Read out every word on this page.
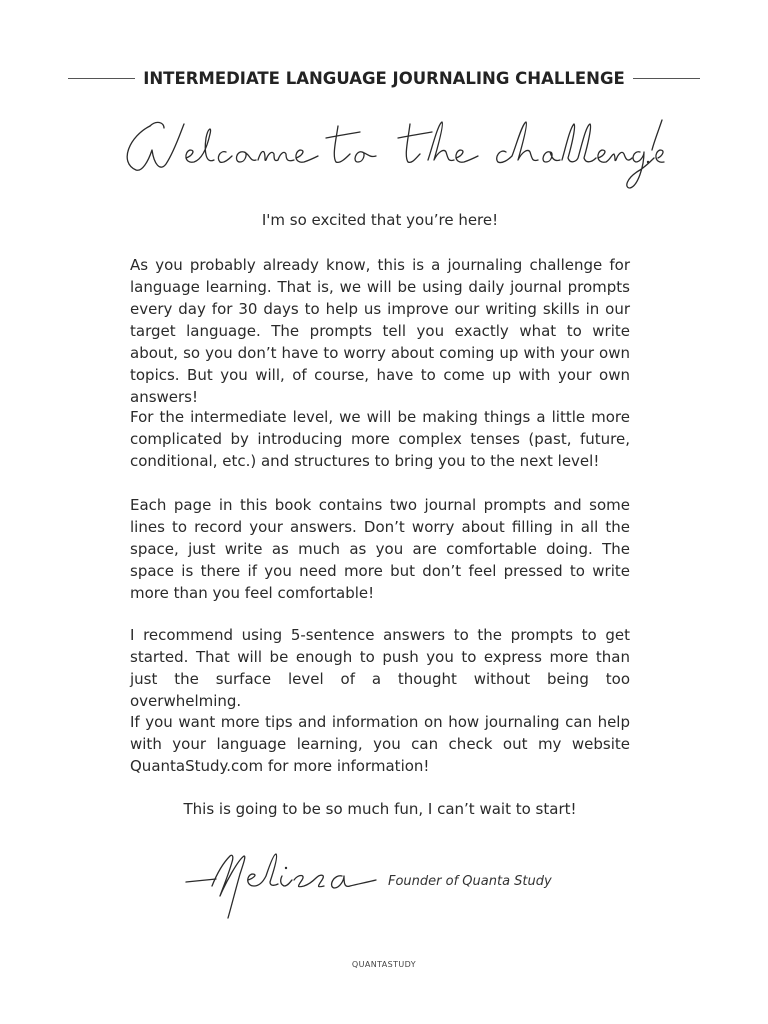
INTERMEDIATE LANGUAGE JOURNALING CHALLENGE

I'm so excited that you’re here!

As you probably already know, this is a journaling challenge for language learning. That is, we will be using daily journal prompts every day for 30 days to help us improve our writing skills in our target language. The prompts tell you exactly what to write about, so you don’t have to worry about coming up with your own topics. But you will, of course, have to come up with your own answers!

For the intermediate level, we will be making things a little more complicated by introducing more complex tenses (past, future, conditional, etc.) and structures to bring you to the next level!

Each page in this book contains two journal prompts and some lines to record your answers. Don’t worry about filling in all the space, just write as much as you are comfortable doing. The space is there if you need more but don’t feel pressed to write more than you feel comfortable!

I recommend using 5-sentence answers to the prompts to get started. That will be enough to push you to express more than just the surface level of a thought without being too overwhelming.

If you want more tips and information on how journaling can help with your language learning, you can check out my website QuantaStudy.com for more information!

This is going to be so much fun, I can’t wait to start!

Founder of Quanta Study
QUANTASTUDY
